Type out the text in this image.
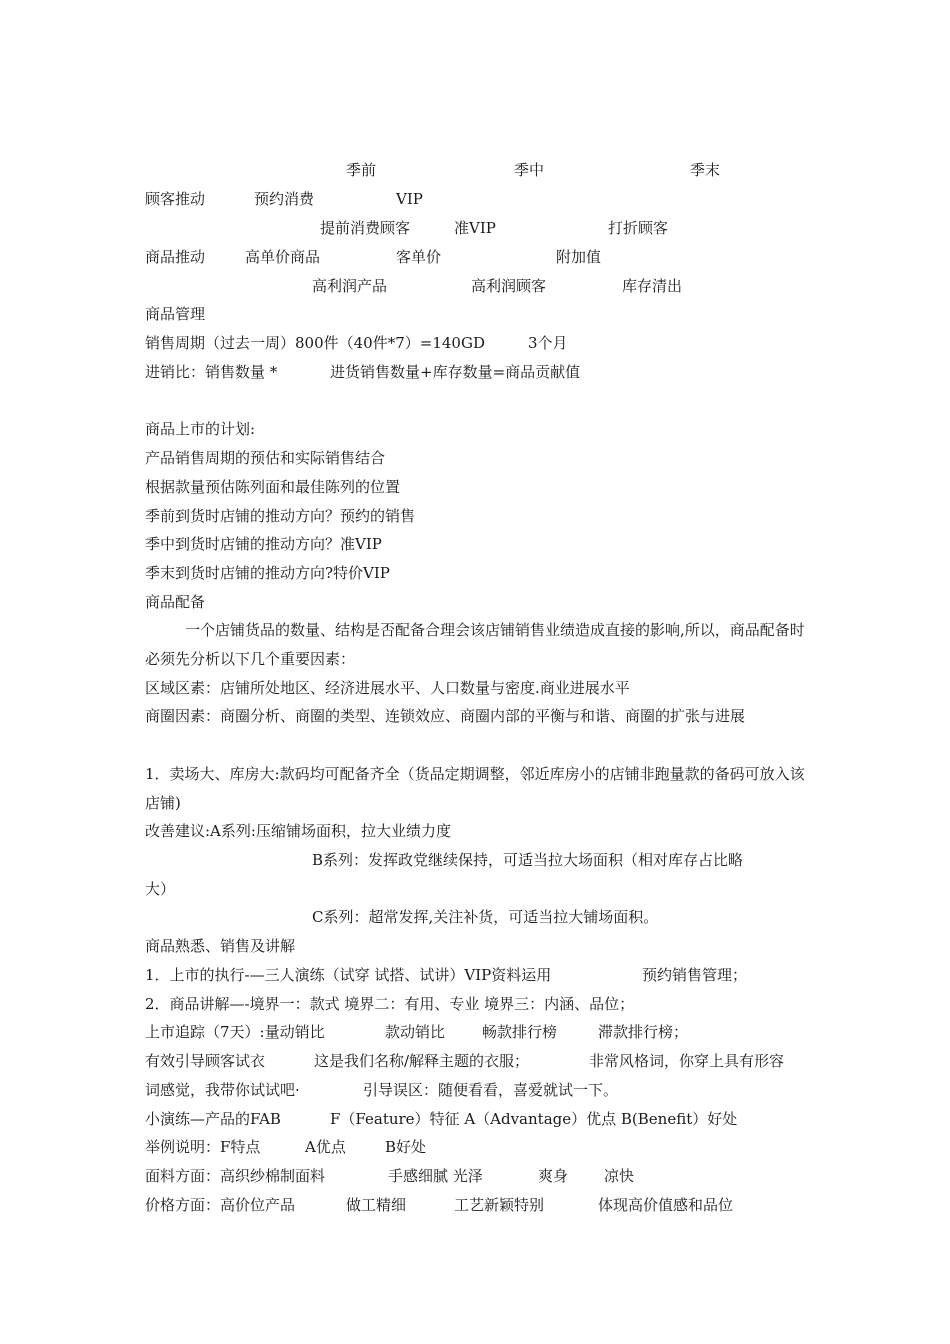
季前	季中	季末
顾客推动	预约消费	VIP
提前消费顾客	准VIP	打折顾客
商品推动	高单价商品	客单价	附加值
高利润产品	高利润顾客	库存清出
商品管理
销售周期（过去一周）800件（40件*7）=140GD	3个月
进销比：销售数量 *	进货销售数量+库存数量=商品贡献值
商品上市的计划:
产品销售周期的预估和实际销售结合
根据款量预估陈列面和最佳陈列的位置
季前到货时店铺的推动方向？预约的销售
季中到货时店铺的推动方向？准VIP
季末到货时店铺的推动方向?特价VIP
商品配备
一个店铺货品的数量、结构是否配备合理会该店铺销售业绩造成直接的影响,所以，商品配备时必须先分析以下几个重要因素：
区域区素：店铺所处地区、经济进展水平、人口数量与密度.商业进展水平
商圈因素：商圈分析、商圈的类型、连锁效应、商圈内部的平衡与和谐、商圈的扩张与进展
1．卖场大、库房大:款码均可配备齐全（货品定期调整，邻近库房小的店铺非跑量款的备码可放入该店铺)
改善建议:A系列:压缩铺场面积，拉大业绩力度
B系列：发挥政党继续保持，可适当拉大场面积（相对库存占比略
大）
C系列：超常发挥,关注补货，可适当拉大铺场面积。
商品熟悉、销售及讲解
1．上市的执行-—三人演练（试穿 试搭、试讲）VIP资料运用	预约销售管理；
2．商品讲解—-境界一：款式 境界二：有用、专业 境界三：内涵、品位；
上市追踪（7天）:量动销比	款动销比 畅款排行榜	滞款排行榜；
有效引导顾客试衣	这是我们名称/解释主题的衣服；	非常风格词，你穿上具有形容
词感觉，我带你试试吧·	引导误区：随便看看，喜爱就试一下。
小演练—产品的FAB	F（Feature）特征 A（Advantage）优点 B(Benefit）好处
举例说明：F特点	A优点	B好处
面料方面：高织纱棉制面料	手感细腻 光泽	爽身 凉快
价格方面：高价位产品	做工精细	工艺新颖特别	体现高价值感和品位
